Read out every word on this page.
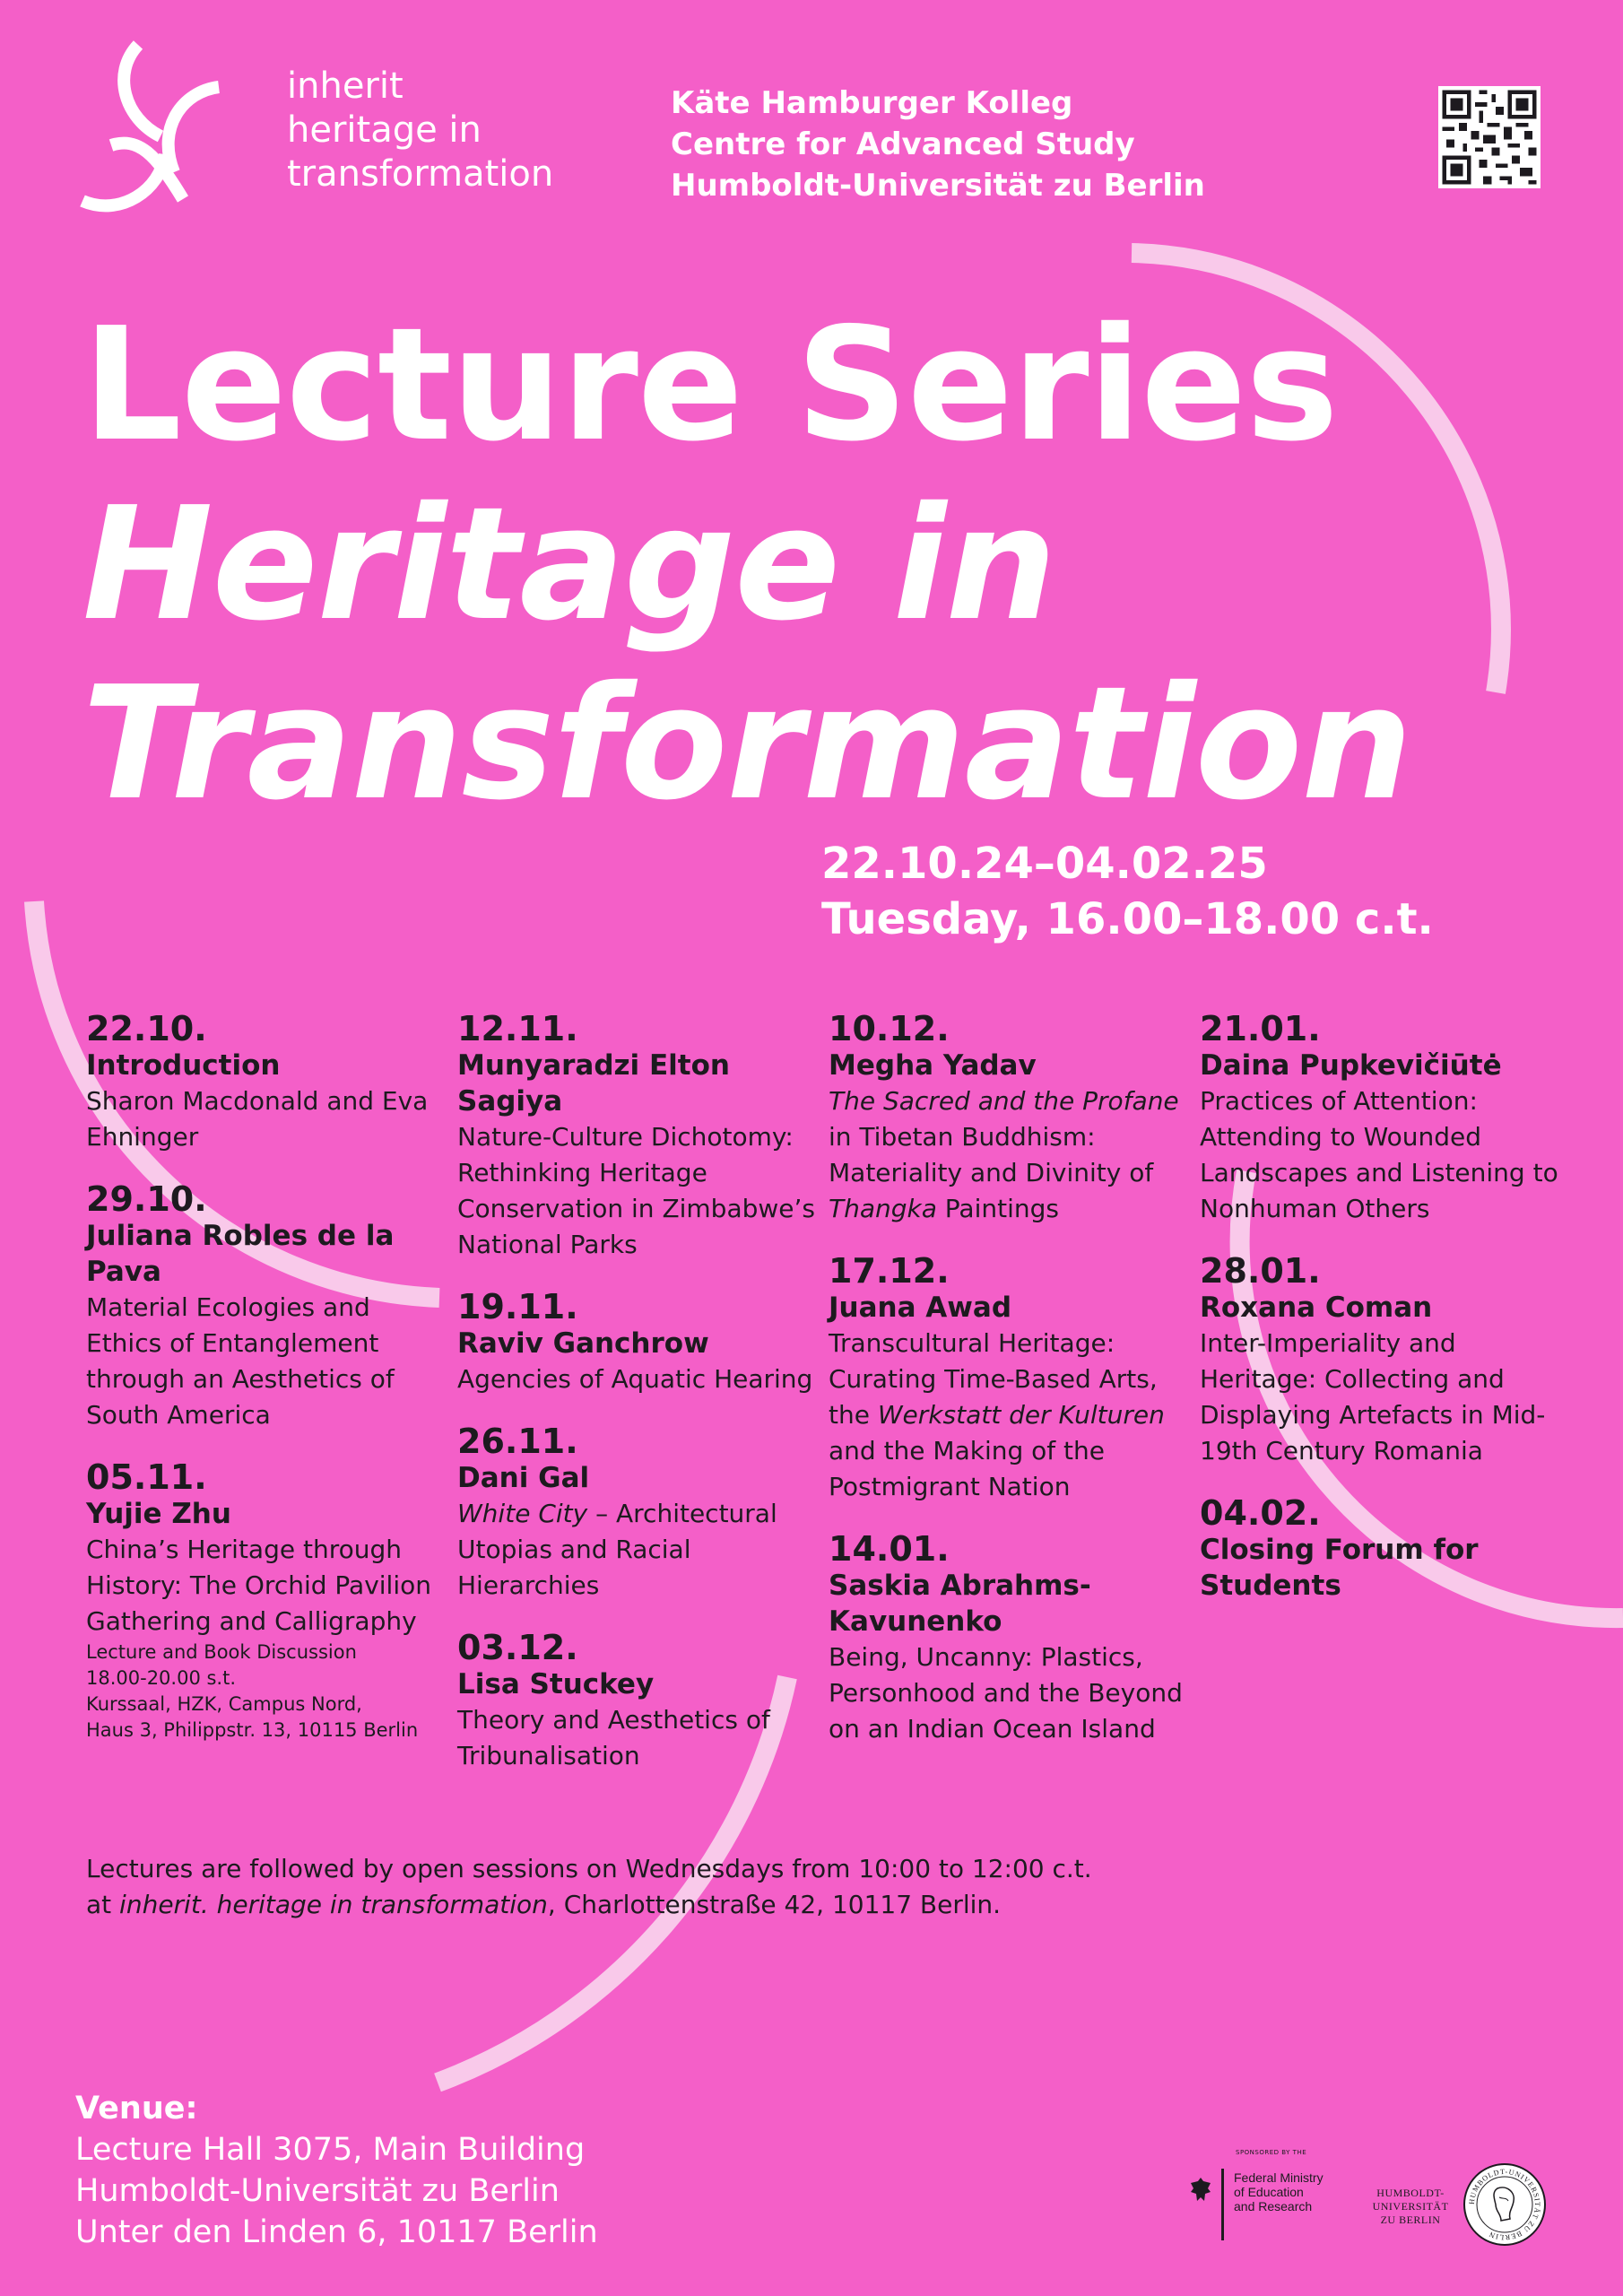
inherit
heritage in
transformation
Käte Hamburger Kolleg
Centre for Advanced Study
Humboldt-Universität zu Berlin
Lecture Series
Heritage in
Transformation
22.10.24–04.02.25
Tuesday, 16.00–18.00 c.t.
22.10.
Introduction
Sharon Macdonald and Eva Ehninger
29.10.
Juliana Robles de la Pava
Material Ecologies and Ethics of Entanglement through an Aesthetics of South America
05.11.
Yujie Zhu
China’s Heritage through History: The Orchid Pavilion Gathering and Calligraphy
Lecture and Book Discussion
18.00-20.00 s.t.
Kurssaal, HZK, Campus Nord,
Haus 3, Philippstr. 13, 10115 Berlin
12.11.
Munyaradzi Elton Sagiya
Nature-Culture Dichotomy: Rethinking Heritage Conservation in Zimbabwe’s National Parks
19.11.
Raviv Ganchrow
Agencies of Aquatic Hearing
26.11.
Dani Gal
White City – Architectural Utopias and Racial Hierarchies
03.12.
Lisa Stuckey
Theory and Aesthetics of Tribunalisation
10.12.
Megha Yadav
The Sacred and the Profane in Tibetan Buddhism: Materiality and Divinity of Thangka Paintings
17.12.
Juana Awad
Transcultural Heritage: Curating Time-Based Arts, the Werkstatt der Kulturen and the Making of the Postmigrant Nation
14.01.
Saskia Abrahms-Kavunenko
Being, Uncanny: Plastics, Personhood and the Beyond on an Indian Ocean Island
21.01.
Daina Pupkevičiūtė
Practices of Attention: Attending to Wounded Landscapes and Listening to Nonhuman Others
28.01.
Roxana Coman
Inter-Imperiality and Heritage: Collecting and Displaying Artefacts in Mid-19th Century Romania
04.02.
Closing Forum for Students
Lectures are followed by open sessions on Wednesdays from 10:00 to 12:00 c.t.
at inherit. heritage in transformation, Charlottenstraße 42, 10117 Berlin.
Venue:
Lecture Hall 3075, Main Building
Humboldt-Universität zu Berlin
Unter den Linden 6, 10117 Berlin
SPONSORED BY THE
Federal Ministry
of Education
and Research
HUMBOLDT-
UNIVERSITÄT
ZU BERLIN
HUMBOLDT-UNIVERSITÄT ZU BERLIN
